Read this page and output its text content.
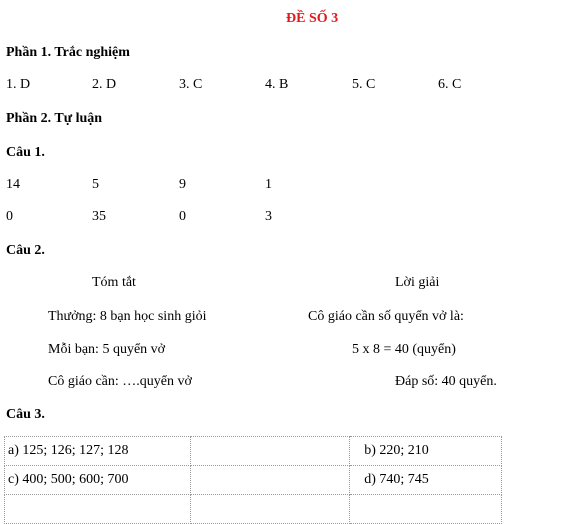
ĐỀ SỐ 3
Phần 1. Trắc nghiệm
1. D	2. D	3. C	4. B	5. C	6. C
Phần 2. Tự luận
Câu 1.
14	5	9	1
0	35	0	3
Câu 2.
Tóm tắt	Lời giải
Thưởng: 8 bạn học sinh giỏi	Cô giáo cần số quyển vở là:
Mỗi bạn: 5 quyển vở	5 x 8 = 40 (quyển)
Cô giáo cần: ….quyển vở	Đáp số: 40 quyển.
Câu 3.
a) 125; 126; 127; 128		b) 220; 210
c) 400; 500; 600; 700		d) 740; 745
